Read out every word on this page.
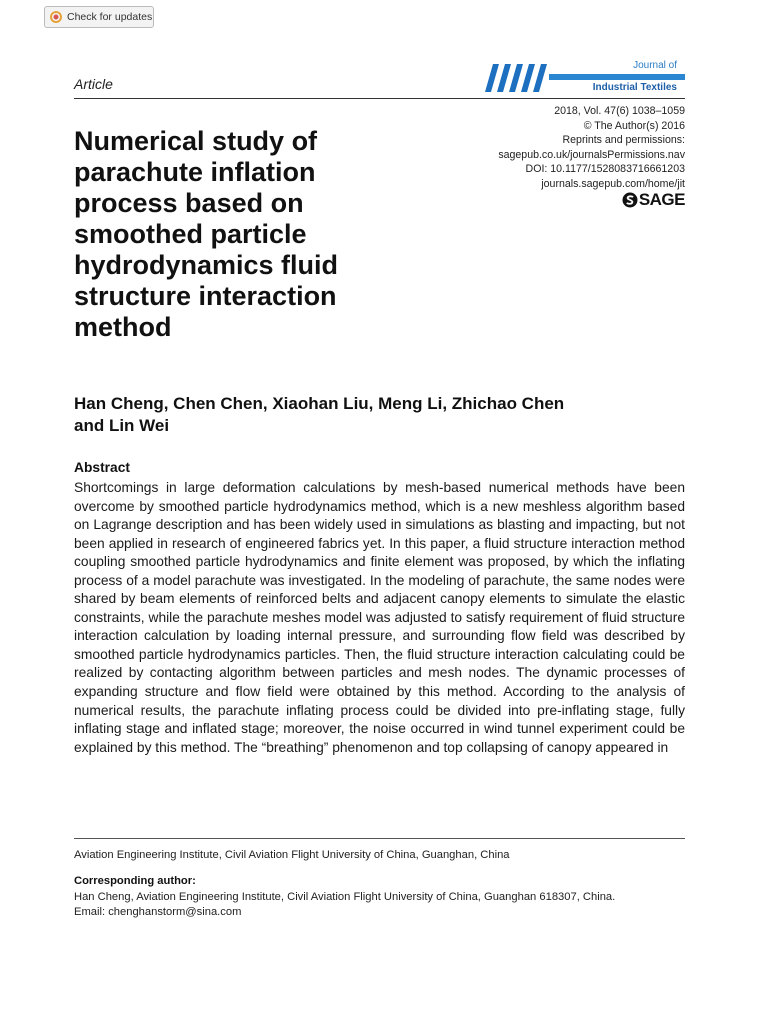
Check for updates
Article
Journal of
Industrial Textiles
2018, Vol. 47(6) 1038–1059
© The Author(s) 2016
Reprints and permissions:
sagepub.co.uk/journalsPermissions.nav
DOI: 10.1177/1528083716661203
journals.sagepub.com/home/jit
SAGE
Numerical study of parachute inflation process based on smoothed particle hydrodynamics fluid structure interaction method
Han Cheng, Chen Chen, Xiaohan Liu, Meng Li, Zhichao Chen and Lin Wei
Abstract

Shortcomings in large deformation calculations by mesh-based numerical methods have been overcome by smoothed particle hydrodynamics method, which is a new meshless algorithm based on Lagrange description and has been widely used in simulations as blasting and impacting, but not been applied in research of engineered fabrics yet. In this paper, a fluid structure interaction method coupling smoothed particle hydrodynamics and finite element was proposed, by which the inflating process of a model parachute was investigated. In the modeling of parachute, the same nodes were shared by beam elements of reinforced belts and adjacent canopy elements to simulate the elastic constraints, while the parachute meshes model was adjusted to satisfy requirement of fluid structure interaction calculation by loading internal pressure, and surrounding flow field was described by smoothed particle hydrodynamics particles. Then, the fluid structure interaction calculating could be realized by contacting algorithm between particles and mesh nodes. The dynamic processes of expanding structure and flow field were obtained by this method. According to the analysis of numerical results, the parachute inflating process could be divided into pre-inflating stage, fully inflating stage and inflated stage; moreover, the noise occurred in wind tunnel experiment could be explained by this method. The “breathing” phenomenon and top collapsing of canopy appeared in

Aviation Engineering Institute, Civil Aviation Flight University of China, Guanghan, China
Corresponding author:
Han Cheng, Aviation Engineering Institute, Civil Aviation Flight University of China, Guanghan 618307, China.
Email: chenghanstorm@sina.com
